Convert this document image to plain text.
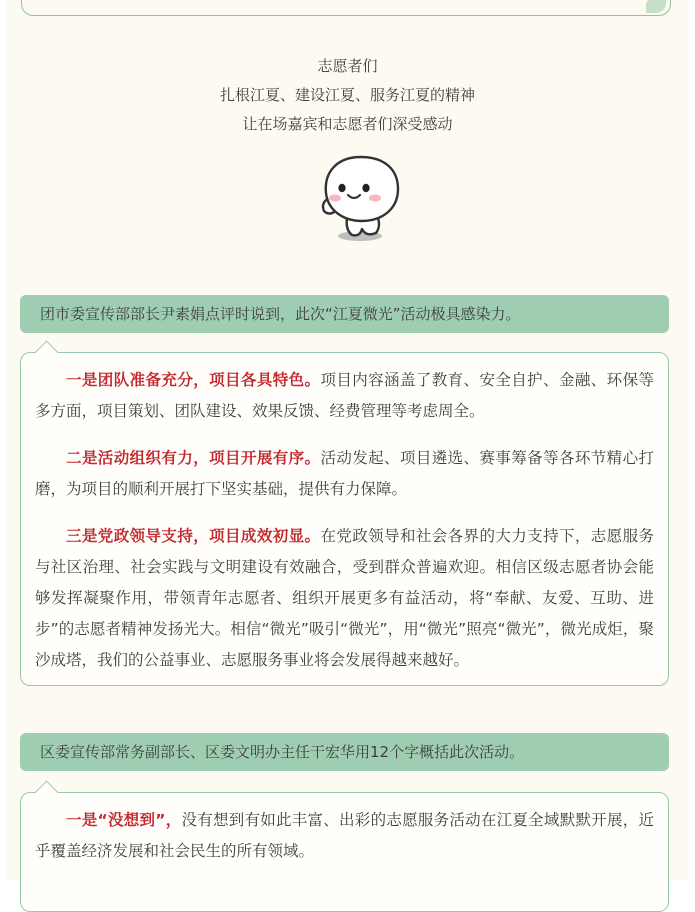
志愿者们
扎根江夏、建设江夏、服务江夏的精神
让在场嘉宾和志愿者们深受感动
团市委宣传部部长尹素娟点评时说到，此次“江夏微光”活动极具感染力。

一是团队准备充分，项目各具特色。项目内容涵盖了教育、安全自护、金融、环保等多方面，项目策划、团队建设、效果反馈、经费管理等考虑周全。

二是活动组织有力，项目开展有序。活动发起、项目遴选、赛事筹备等各环节精心打磨，为项目的顺利开展打下坚实基础，提供有力保障。

三是党政领导支持，项目成效初显。在党政领导和社会各界的大力支持下，志愿服务与社区治理、社会实践与文明建设有效融合，受到群众普遍欢迎。相信区级志愿者协会能够发挥凝聚作用，带领青年志愿者、组织开展更多有益活动，将“奉献、友爱、互助、进步”的志愿者精神发扬光大。相信“微光”吸引“微光”，用“微光”照亮“微光”，微光成炬，聚沙成塔，我们的公益事业、志愿服务事业将会发展得越来越好。

区委宣传部常务副部长、区委文明办主任干宏华用12个字概括此次活动。

一是“没想到”，没有想到有如此丰富、出彩的志愿服务活动在江夏全域默默开展，近乎覆盖经济发展和社会民生的所有领域。
